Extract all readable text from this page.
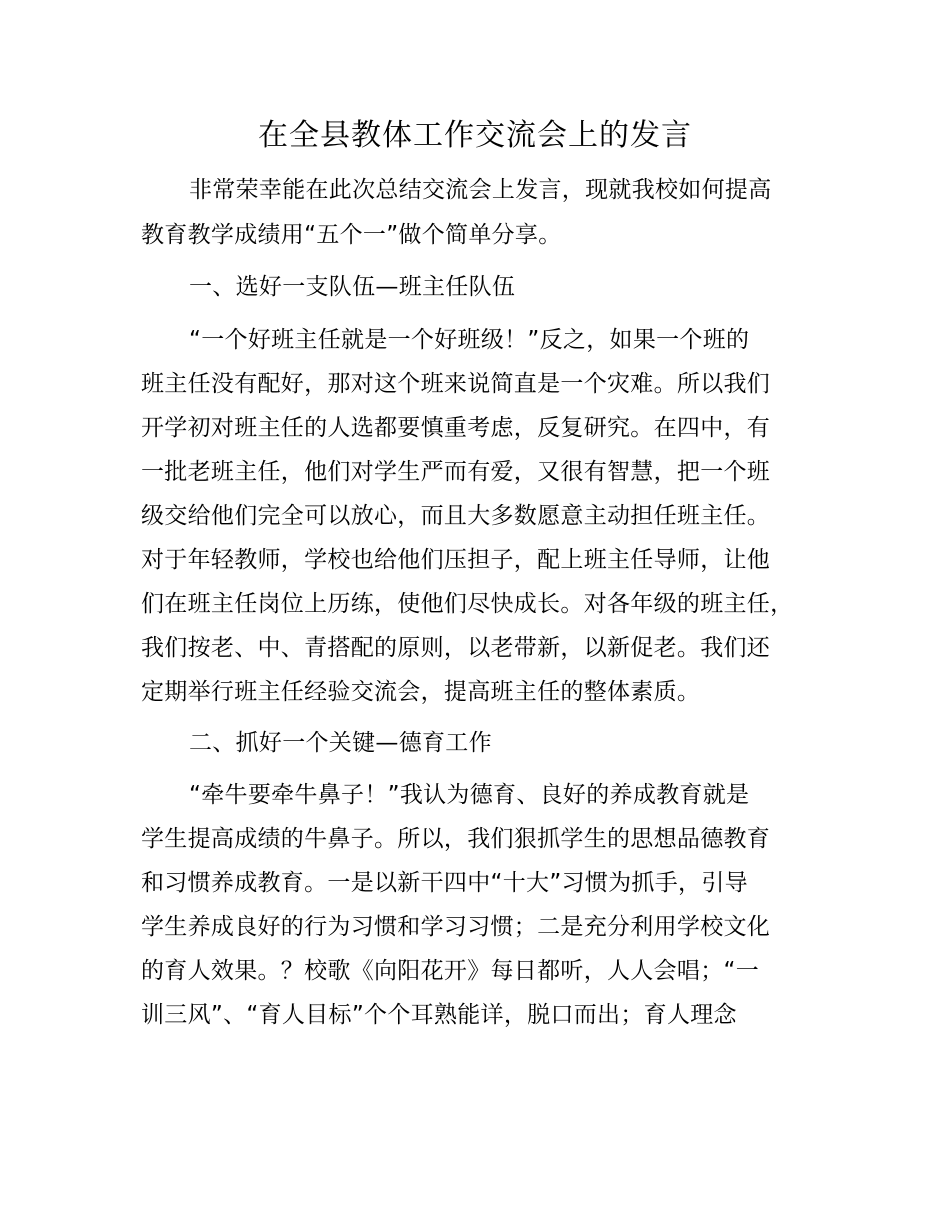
在全县教体工作交流会上的发言
非常荣幸能在此次总结交流会上发言，现就我校如何提高
教育教学成绩用“五个一”做个简单分享。
一、选好一支队伍—班主任队伍
“一个好班主任就是一个好班级！”反之，如果一个班的
班主任没有配好，那对这个班来说简直是一个灾难。所以我们
开学初对班主任的人选都要慎重考虑，反复研究。在四中，有
一批老班主任，他们对学生严而有爱，又很有智慧，把一个班
级交给他们完全可以放心，而且大多数愿意主动担任班主任。
对于年轻教师，学校也给他们压担子，配上班主任导师，让他
们在班主任岗位上历练，使他们尽快成长。对各年级的班主任，
我们按老、中、青搭配的原则，以老带新，以新促老。我们还
定期举行班主任经验交流会，提高班主任的整体素质。
二、抓好一个关键—德育工作
“牵牛要牵牛鼻子！”我认为德育、良好的养成教育就是
学生提高成绩的牛鼻子。所以，我们狠抓学生的思想品德教育
和习惯养成教育。一是以新干四中“十大”习惯为抓手，引导
学生养成良好的行为习惯和学习习惯；二是充分利用学校文化
的育人效果。？校歌《向阳花开》每日都听，人人会唱；“一
训三风”、“育人目标”个个耳熟能详，脱口而出；育人理念
